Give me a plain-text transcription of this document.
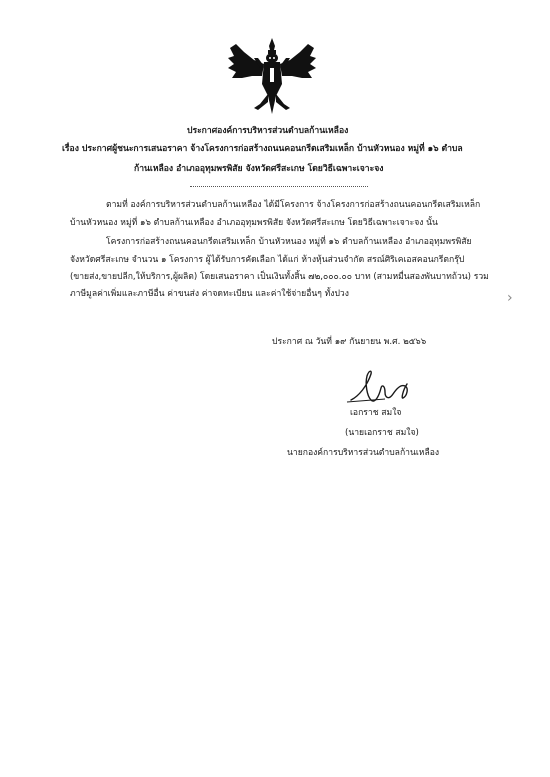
ประกาศองค์การบริหารส่วนตำบลก้านเหลือง
เรื่อง ประกาศผู้ชนะการเสนอราคา จ้างโครงการก่อสร้างถนนคอนกรีตเสริมเหล็ก บ้านหัวหนอง หมู่ที่ ๑๖ ตำบล
ก้านเหลือง อำเภออุทุมพรพิสัย จังหวัดศรีสะเกษ โดยวิธีเฉพาะเจาะจง
ตามที่ องค์การบริหารส่วนตำบลก้านเหลือง ได้มีโครงการ จ้างโครงการก่อสร้างถนนคอนกรีตเสริมเหล็ก
บ้านหัวหนอง หมู่ที่ ๑๖ ตำบลก้านเหลือง อำเภออุทุมพรพิสัย จังหวัดศรีสะเกษ โดยวิธีเฉพาะเจาะจง นั้น
โครงการก่อสร้างถนนคอนกรีตเสริมเหล็ก บ้านหัวหนอง หมู่ที่ ๑๖ ตำบลก้านเหลือง อำเภออุทุมพรพิสัย
จังหวัดศรีสะเกษ จำนวน ๑ โครงการ ผู้ได้รับการคัดเลือก ได้แก่ ห้างหุ้นส่วนจำกัด สรณ์ศิริเคเอสคอนกรีตกรุ๊ป
(ขายส่ง,ขายปลีก,ให้บริการ,ผู้ผลิต) โดยเสนอราคา เป็นเงินทั้งสิ้น ๗๒,๐๐๐.๐๐ บาท (สามหมื่นสองพันบาทถ้วน) รวม
ภาษีมูลค่าเพิ่มและภาษีอื่น ค่าขนส่ง ค่าจดทะเบียน และค่าใช้จ่ายอื่นๆ ทั้งปวง	›
ประกาศ ณ วันที่ ๑๙ กันยายน พ.ศ. ๒๕๖๖
เอกราช สมใจ
(นายเอกราช สมใจ)
นายกองค์การบริหารส่วนตำบลก้านเหลือง
